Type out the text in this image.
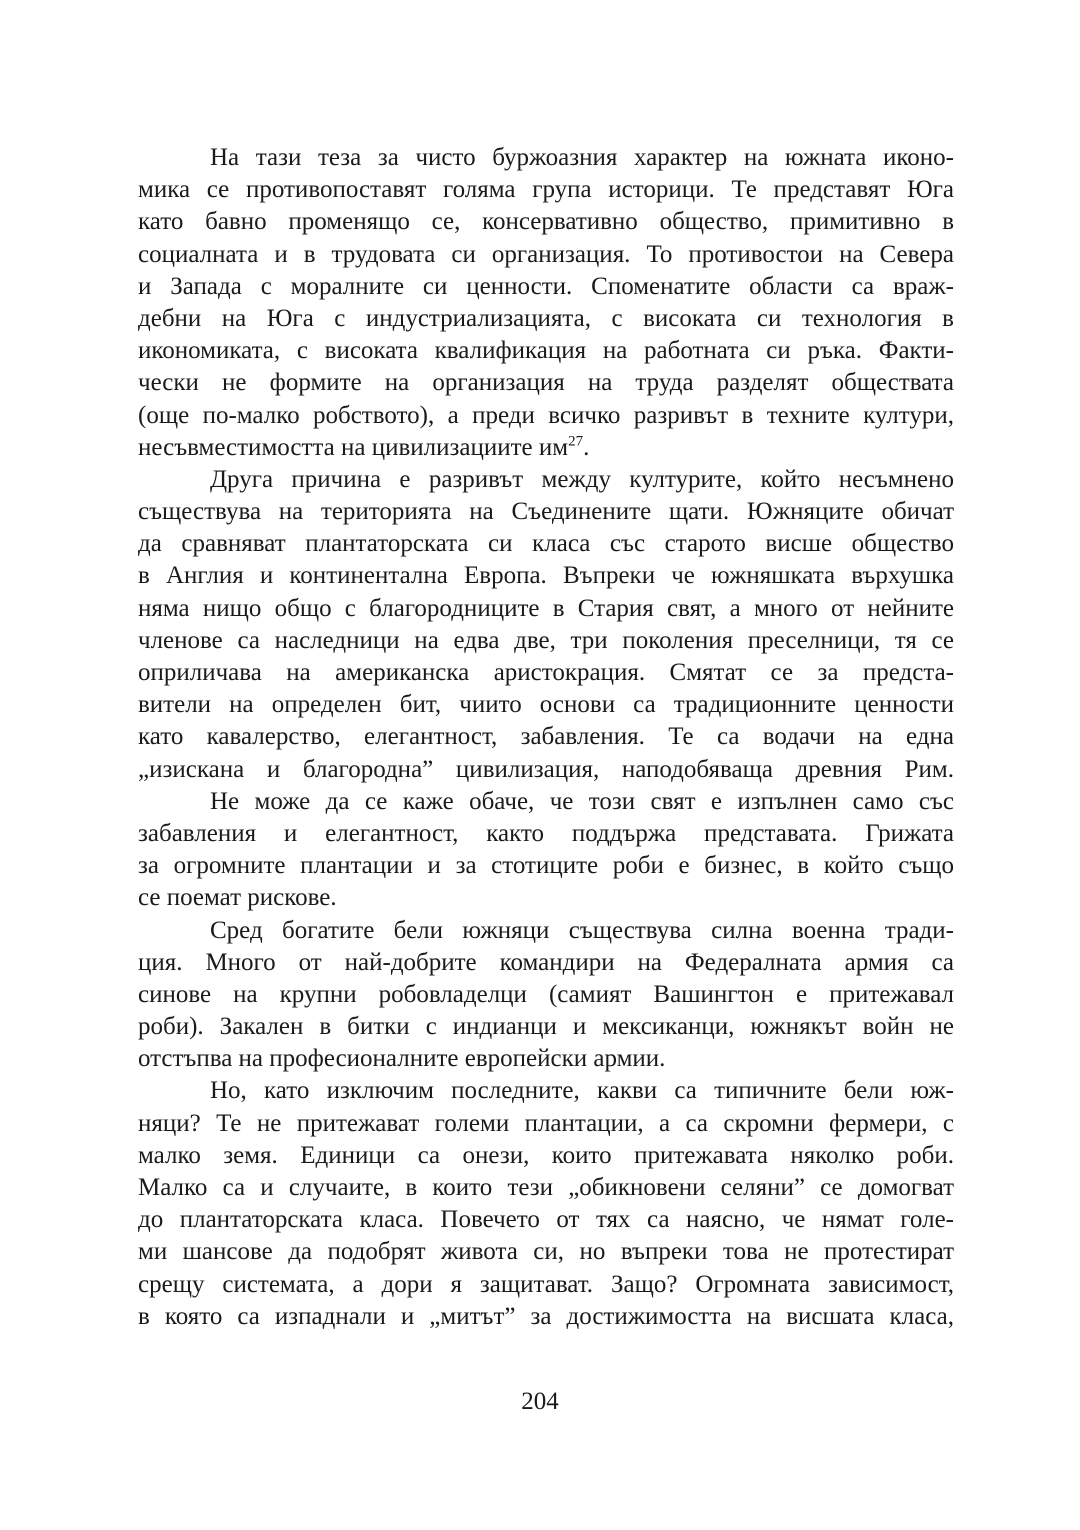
На тази теза за чисто буржоазния характер на южната иконо-
мика се противопоставят голяма група историци. Те представят Юга
като бавно променящо се, консервативно общество, примитивно в
социалната и в трудовата си организация. То противостои на Севера
и Запада с моралните си ценности. Споменатите области са враж-
дебни на Юга с индустриализацията, с високата си технология в
икономиката, с високата квалификация на работната си ръка. Факти-
чески не формите на организация на труда разделят обществата
(още по-малко робството), а преди всичко разривът в техните култури,
несъвместимостта на цивилизациите им$^{27}$.
Друга причина е разривът между културите, който несъмнено
съществува на територията на Съединените щати. Южняците обичат
да сравняват плантаторската си класа със старото висше общество
в Англия и континентална Европа. Въпреки че южняшката върхушка
няма нищо общо с благородниците в Стария свят, а много от нейните
членове са наследници на едва две, три поколения преселници, тя се
оприличава на американска аристокрация. Смятат се за предста-
вители на определен бит, чиито основи са традиционните ценности
като кавалерство, елегантност, забавления. Те са водачи на една
„изискана и благородна” цивилизация, наподобяваща древния Рим.
Не може да се каже обаче, че този свят е изпълнен само със
забавления и елегантност, както поддържа представата. Грижата
за огромните плантации и за стотиците роби е бизнес, в който също
се поемат рискове.
Сред богатите бели южняци съществува силна военна тради-
ция. Много от най-добрите командири на Федералната армия са
синове на крупни робовладелци (самият Вашингтон е притежавал
роби). Закален в битки с индианци и мексиканци, южнякът войн не
отстъпва на професионалните европейски армии.
Но, като изключим последните, какви са типичните бели юж-
няци? Те не притежават големи плантации, а са скромни фермери, с
малко земя. Единици са онези, които притежавата няколко роби.
Малко са и случаите, в които тези „обикновени селяни” се домогват
до плантаторската класа. Повечето от тях са наясно, че нямат голе-
ми шансове да подобрят живота си, но въпреки това не протестират
срещу системата, а дори я защитават. Защо? Огромната зависимост,
в която са изпаднали и „митът” за достижимостта на висшата класа,
204
